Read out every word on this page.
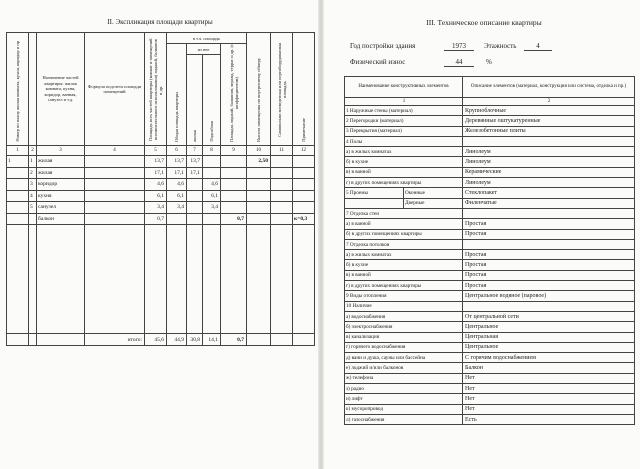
II. Экспликация площади квартиры
Номер по плану жилая комната, кухня, коридор и пр		Назначение частей квартиры: жилая комната, кухня, коридор, ванная, санузел и т.д.	Формула подсчета площади помещений	Площадь всех частей квартиры (комнат и помещений вспомогательного использования) лоджий, балконов и др.	в т.ч. площадь				Высота помещения по внутреннему обмеру	Самовольно возведенная или переоборудованная площадь	Примечание
					Общая площадь квартиры	из нее		Площадь лоджий, балконов, веранд, террас и др. (с коэффициентом)			
						жилая	Подсобная				
1	2	3	4	5	6	7	8	9	10	11	12
1	1	жилая		13,7	13,7	13,7			2,50		
	2	жилая		17,1	17,1	17,1					
	3	коридор		4,6	4,6		4,6				
	4	кухня		6,1	6,1		6,1				
	5	санузел		3,4	3,4		3,4				
		балкон		0,7				0,7			к=0,3

			итого:	45,6	44,9	30,8	14,1	0,7			
III. Техническое описание квартиры
Год постройки здания	1973	Этажность	4
Физический износ	44	%
Наименование конструктивных элементов	Описание элементов (материал, конструкция или система, отделка и пр.)
1	2
1 Наружные стены (материал)	Крупноблочные
2 Перегородки (материал)	Деревянные оштукатуренные
3 Перекрытия (материал)	Железобетонные плиты
4 Полы	
а) в жилых комнатах	Линолеум
б) в кухне	Линолеум
в) в ванной	Керамические
г) в других помещениях квартиры	Линолеум

5 Проемы Оконные	Стеклопакет

Дверные	Филенчатые
7 Отделка стен	
а) в ванной	Простая
б) в других помещениях квартиры	Простая
7 Отделка потолков	
а) в жилых комнатах	Простая
б) в кухне	Простая
в) в ванной	Простая
г) в других помещениях квартиры	Простая
9 Виды отопления	Центральное водяное (паровое)
10 Наличие	
а) водоснабжения	От центральной сети
б) электроснабжения	Центральное
в) канализации	Центральная
г) горячего водоснабжения	Центральное
д) ванн и душа, сауны или бассейна	С горячим водоснабжением
е) лоджий и/или балконов	Балкон
ж) телефона	Нет
з) радио	Нет
и) лифт	Нет
к) мусоропровод	Нет
л) газоснабжения	Есть
